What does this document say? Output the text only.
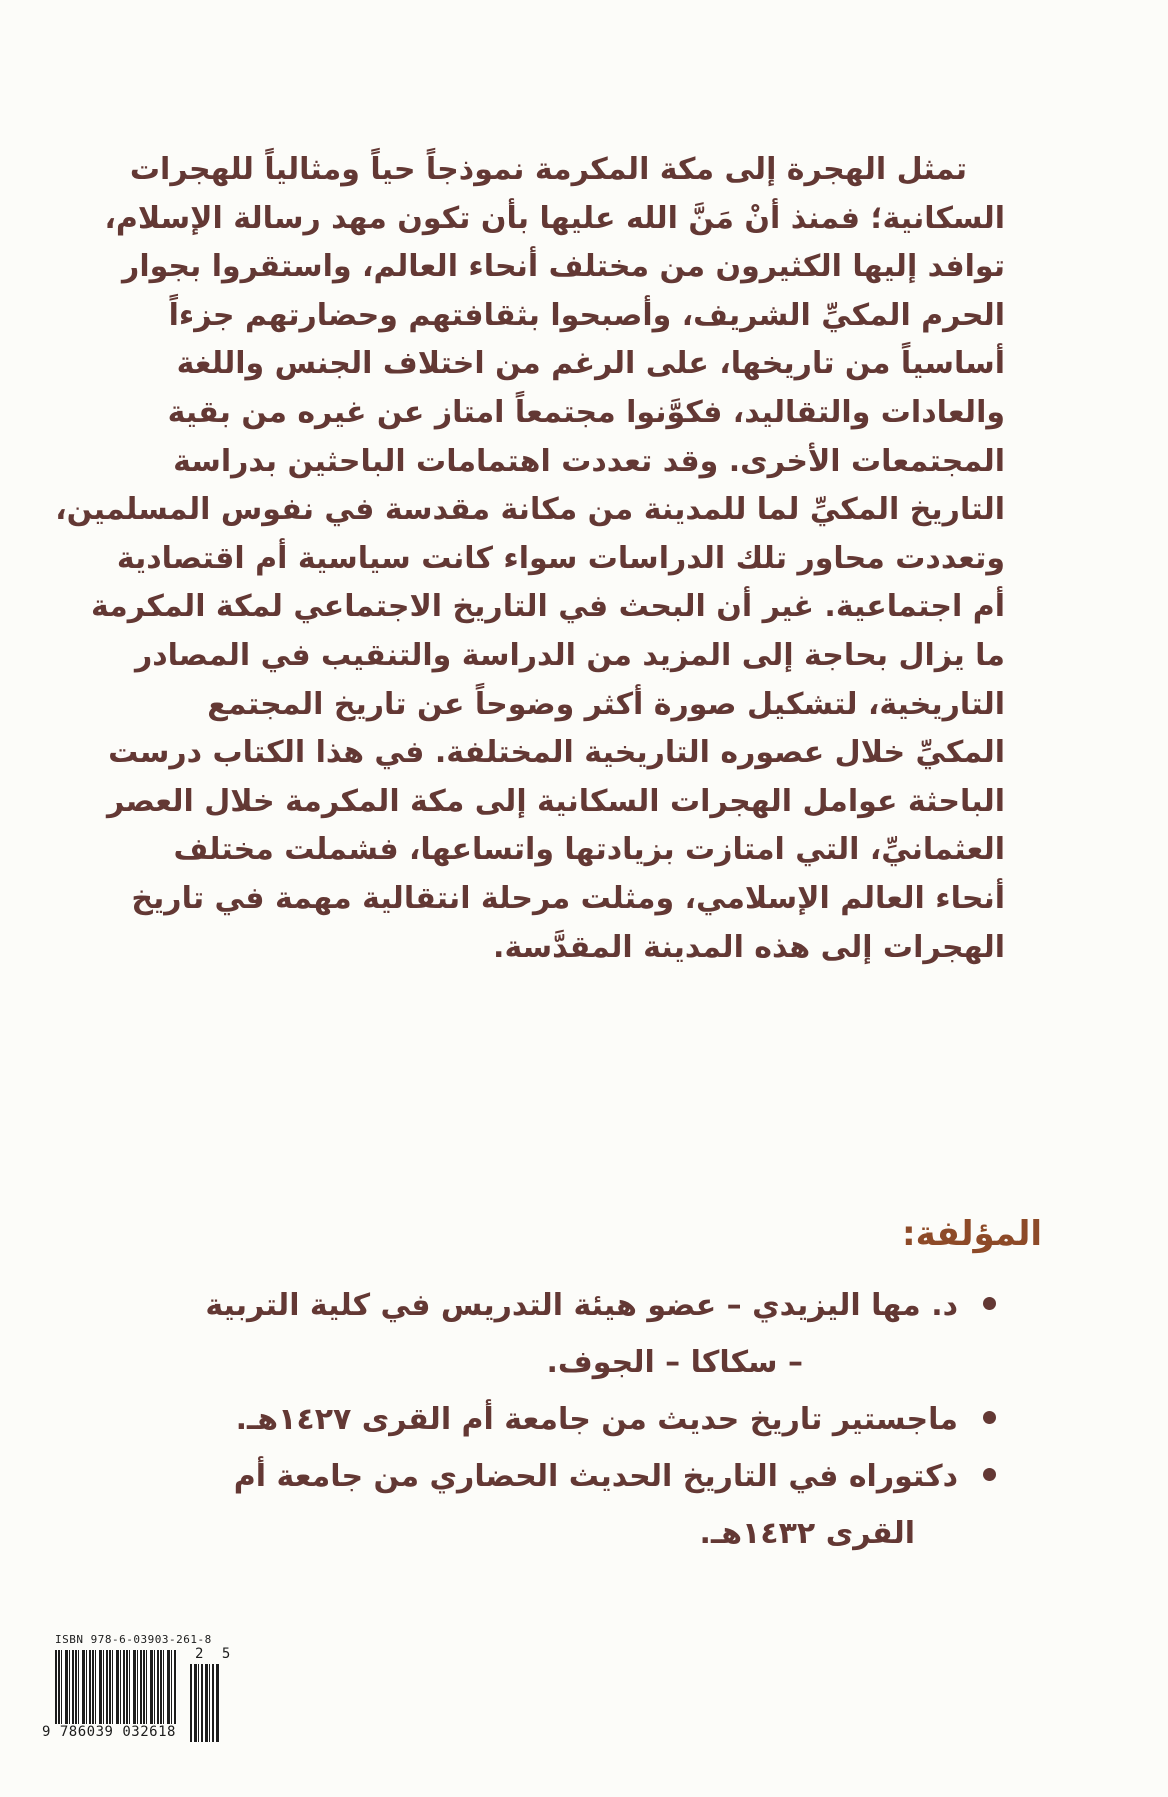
تمثل الهجرة إلى مكة المكرمة نموذجاً حياً ومثالياً للهجرات
السكانية؛ فمنذ أنْ مَنَّ الله عليها بأن تكون مهد رسالة الإسلام،
توافد إليها الكثيرون من مختلف أنحاء العالم، واستقروا بجوار
الحرم المكيِّ الشريف، وأصبحوا بثقافتهم وحضارتهم جزءاً
أساسياً من تاريخها، على الرغم من اختلاف الجنس واللغة
والعادات والتقاليد، فكوَّنوا مجتمعاً امتاز عن غيره من بقية
المجتمعات الأخرى. وقد تعددت اهتمامات الباحثين بدراسة
التاريخ المكيِّ لما للمدينة من مكانة مقدسة في نفوس المسلمين،
وتعددت محاور تلك الدراسات سواء كانت سياسية أم اقتصادية
أم اجتماعية. غير أن البحث في التاريخ الاجتماعي لمكة المكرمة
ما يزال بحاجة إلى المزيد من الدراسة والتنقيب في المصادر
التاريخية، لتشكيل صورة أكثر وضوحاً عن تاريخ المجتمع
المكيِّ خلال عصوره التاريخية المختلفة. في هذا الكتاب درست
الباحثة عوامل الهجرات السكانية إلى مكة المكرمة خلال العصر
العثمانيِّ، التي امتازت بزيادتها واتساعها، فشملت مختلف
أنحاء العالم الإسلامي، ومثلت مرحلة انتقالية مهمة في تاريخ
الهجرات إلى هذه المدينة المقدَّسة.
المؤلفة:
د. مها اليزيدي – عضو هيئة التدريس في كلية التربية
– سكاكا – الجوف.
ماجستير تاريخ حديث من جامعة أم القرى ١٤٢٧هـ.
دكتوراه في التاريخ الحديث الحضاري من جامعة أم
القرى ١٤٣٢هـ.
ISBN 978-6-03903-261-8
9 786039 032618
2 5
